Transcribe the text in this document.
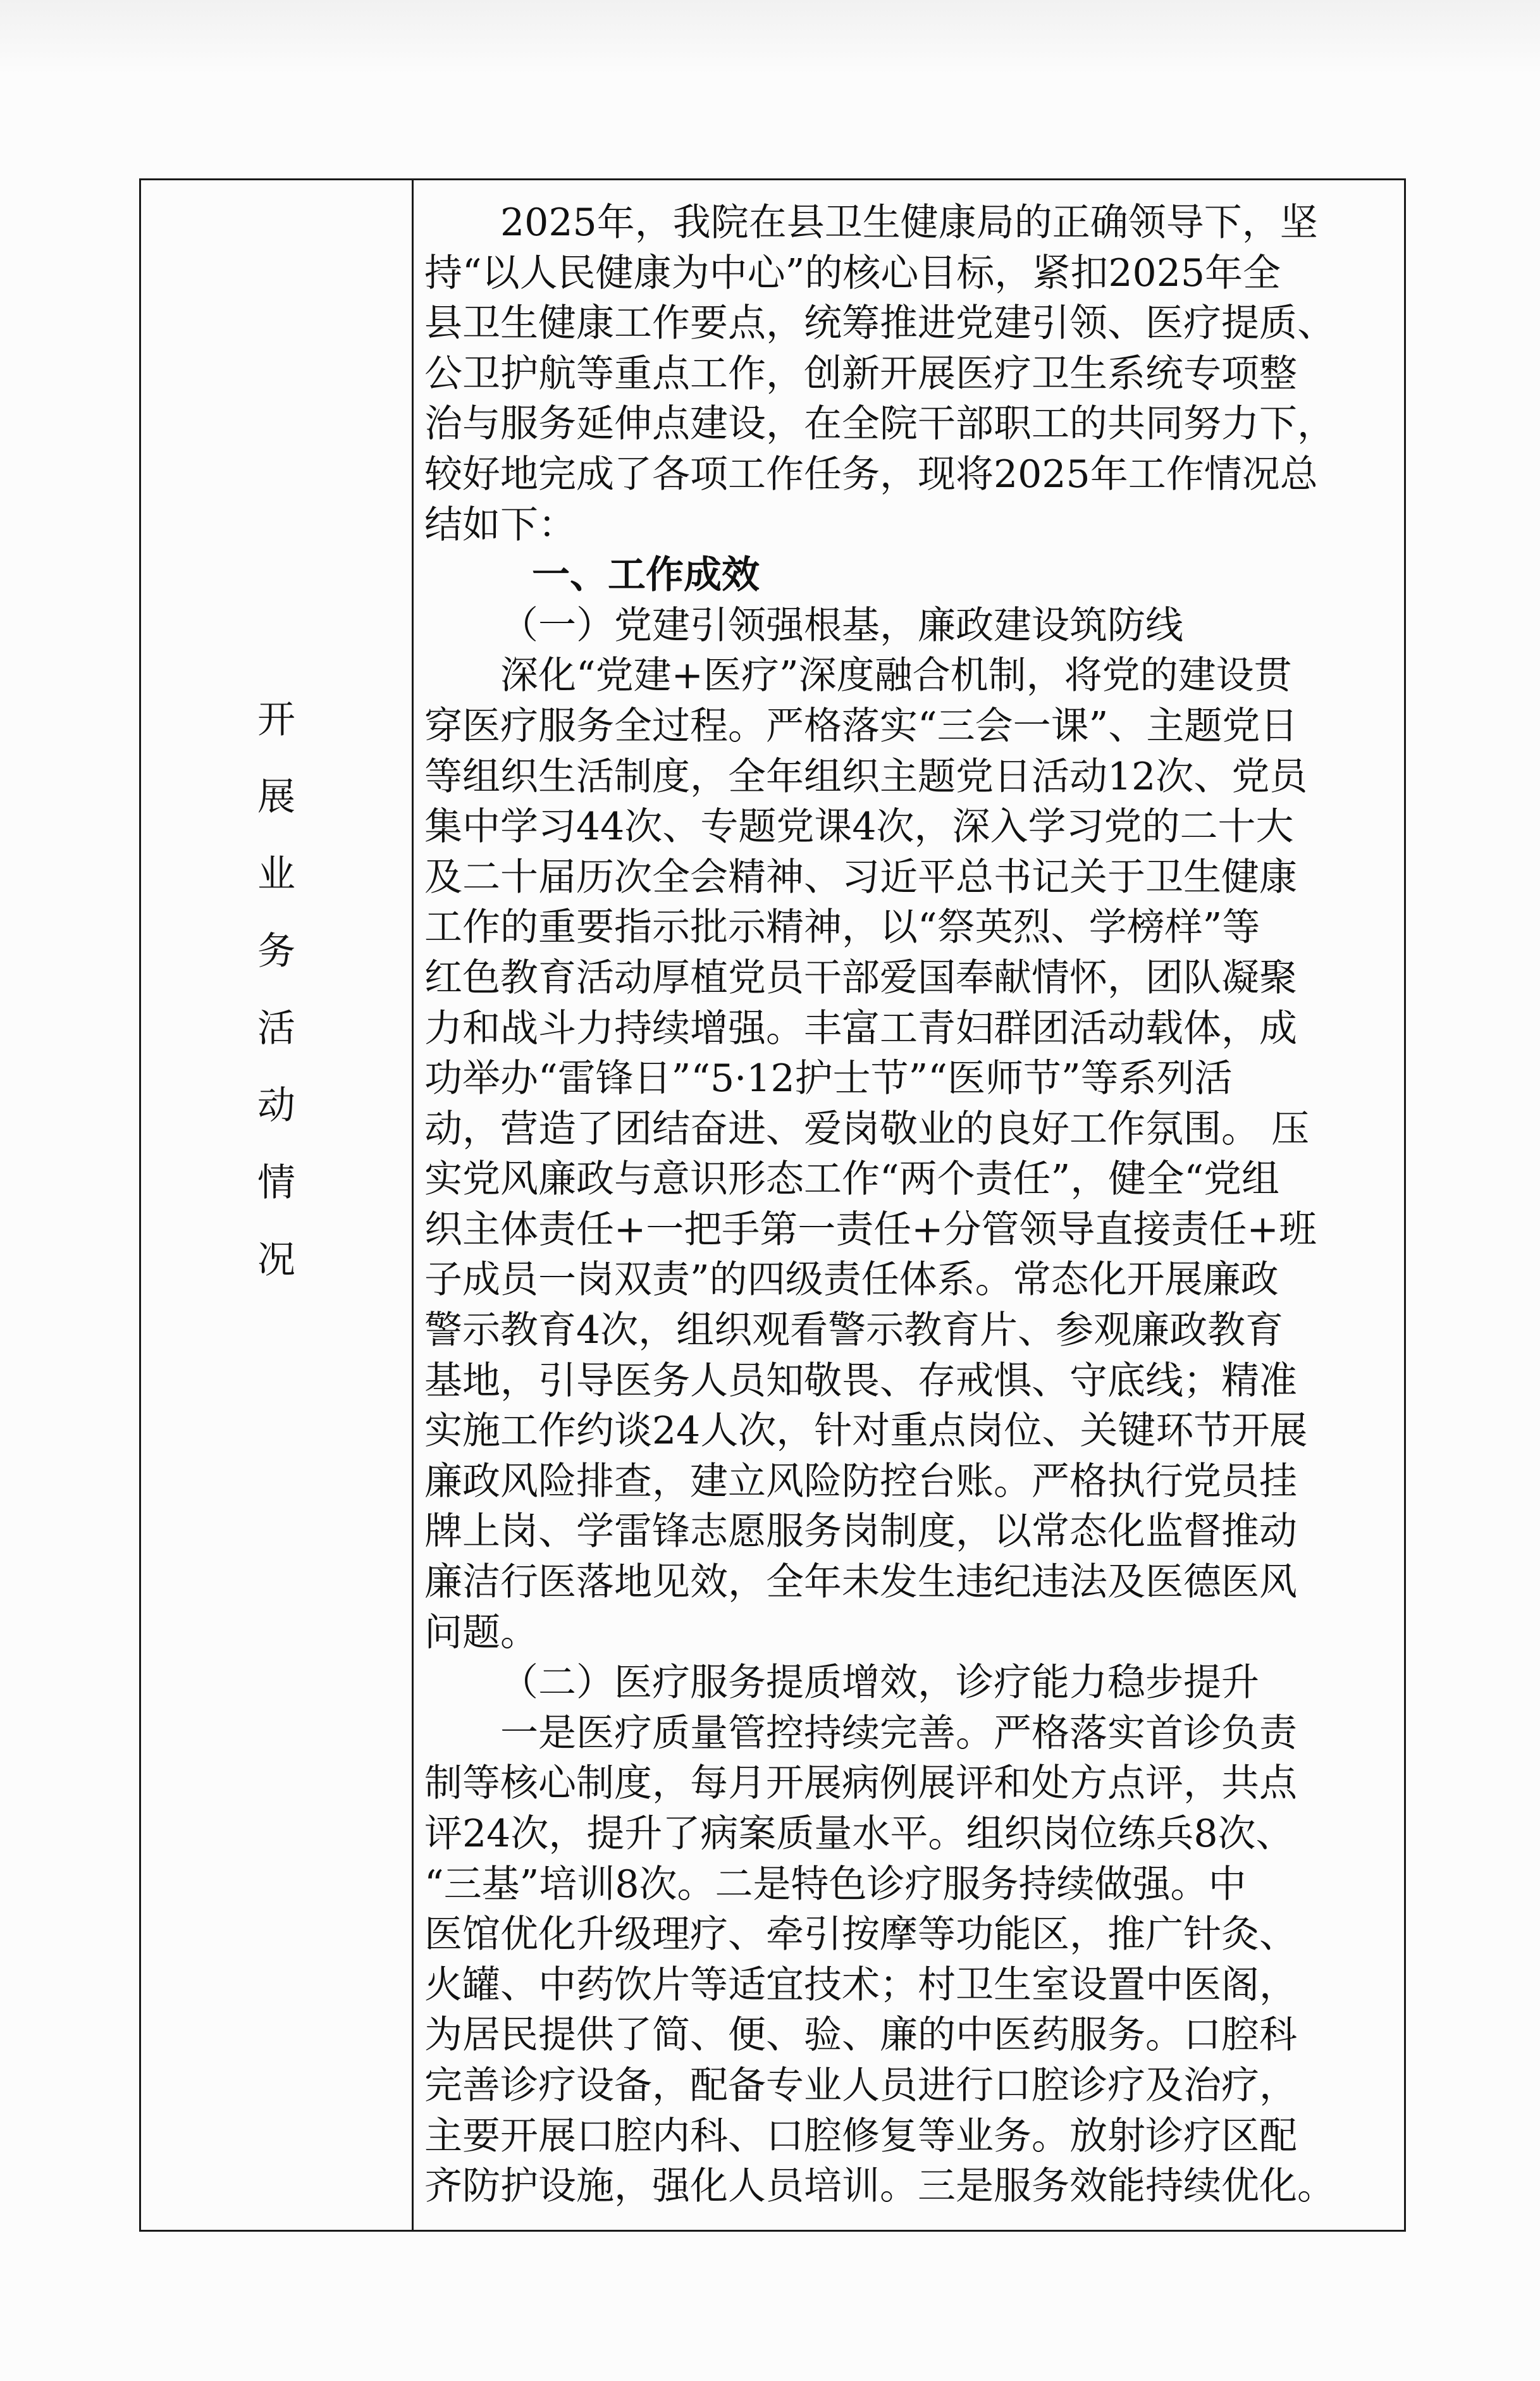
开
展
业
务
活
动
情
况
2025年，我院在县卫生健康局的正确领导下，坚
持“以人民健康为中心”的核心目标，紧扣2025年全
县卫生健康工作要点，统筹推进党建引领、医疗提质、
公卫护航等重点工作，创新开展医疗卫生系统专项整
治与服务延伸点建设，在全院干部职工的共同努力下，
较好地完成了各项工作任务，现将2025年工作情况总
结如下：
一、工作成效
（一）党建引领强根基，廉政建设筑防线
深化“党建+医疗”深度融合机制，将党的建设贯
穿医疗服务全过程。严格落实“三会一课”、主题党日
等组织生活制度，全年组织主题党日活动12次、党员
集中学习44次、专题党课4次，深入学习党的二十大
及二十届历次全会精神、习近平总书记关于卫生健康
工作的重要指示批示精神，以“祭英烈、学榜样”等
红色教育活动厚植党员干部爱国奉献情怀，团队凝聚
力和战斗力持续增强。丰富工青妇群团活动载体，成
功举办“雷锋日”“5·12护士节”“医师节”等系列活
动，营造了团结奋进、爱岗敬业的良好工作氛围。 压
实党风廉政与意识形态工作“两个责任”，健全“党组
织主体责任+一把手第一责任+分管领导直接责任+班
子成员一岗双责”的四级责任体系。常态化开展廉政
警示教育4次，组织观看警示教育片、参观廉政教育
基地，引导医务人员知敬畏、存戒惧、守底线；精准
实施工作约谈24人次，针对重点岗位、关键环节开展
廉政风险排查，建立风险防控台账。严格执行党员挂
牌上岗、学雷锋志愿服务岗制度，以常态化监督推动
廉洁行医落地见效，全年未发生违纪违法及医德医风
问题。
（二）医疗服务提质增效，诊疗能力稳步提升
一是医疗质量管控持续完善。严格落实首诊负责
制等核心制度，每月开展病例展评和处方点评，共点
评24次，提升了病案质量水平。组织岗位练兵8次、
“三基”培训8次。二是特色诊疗服务持续做强。中
医馆优化升级理疗、牵引按摩等功能区，推广针灸、
火罐、中药饮片等适宜技术；村卫生室设置中医阁，
为居民提供了简、便、验、廉的中医药服务。口腔科
完善诊疗设备，配备专业人员进行口腔诊疗及治疗，
主要开展口腔内科、口腔修复等业务。放射诊疗区配
齐防护设施，强化人员培训。三是服务效能持续优化。
